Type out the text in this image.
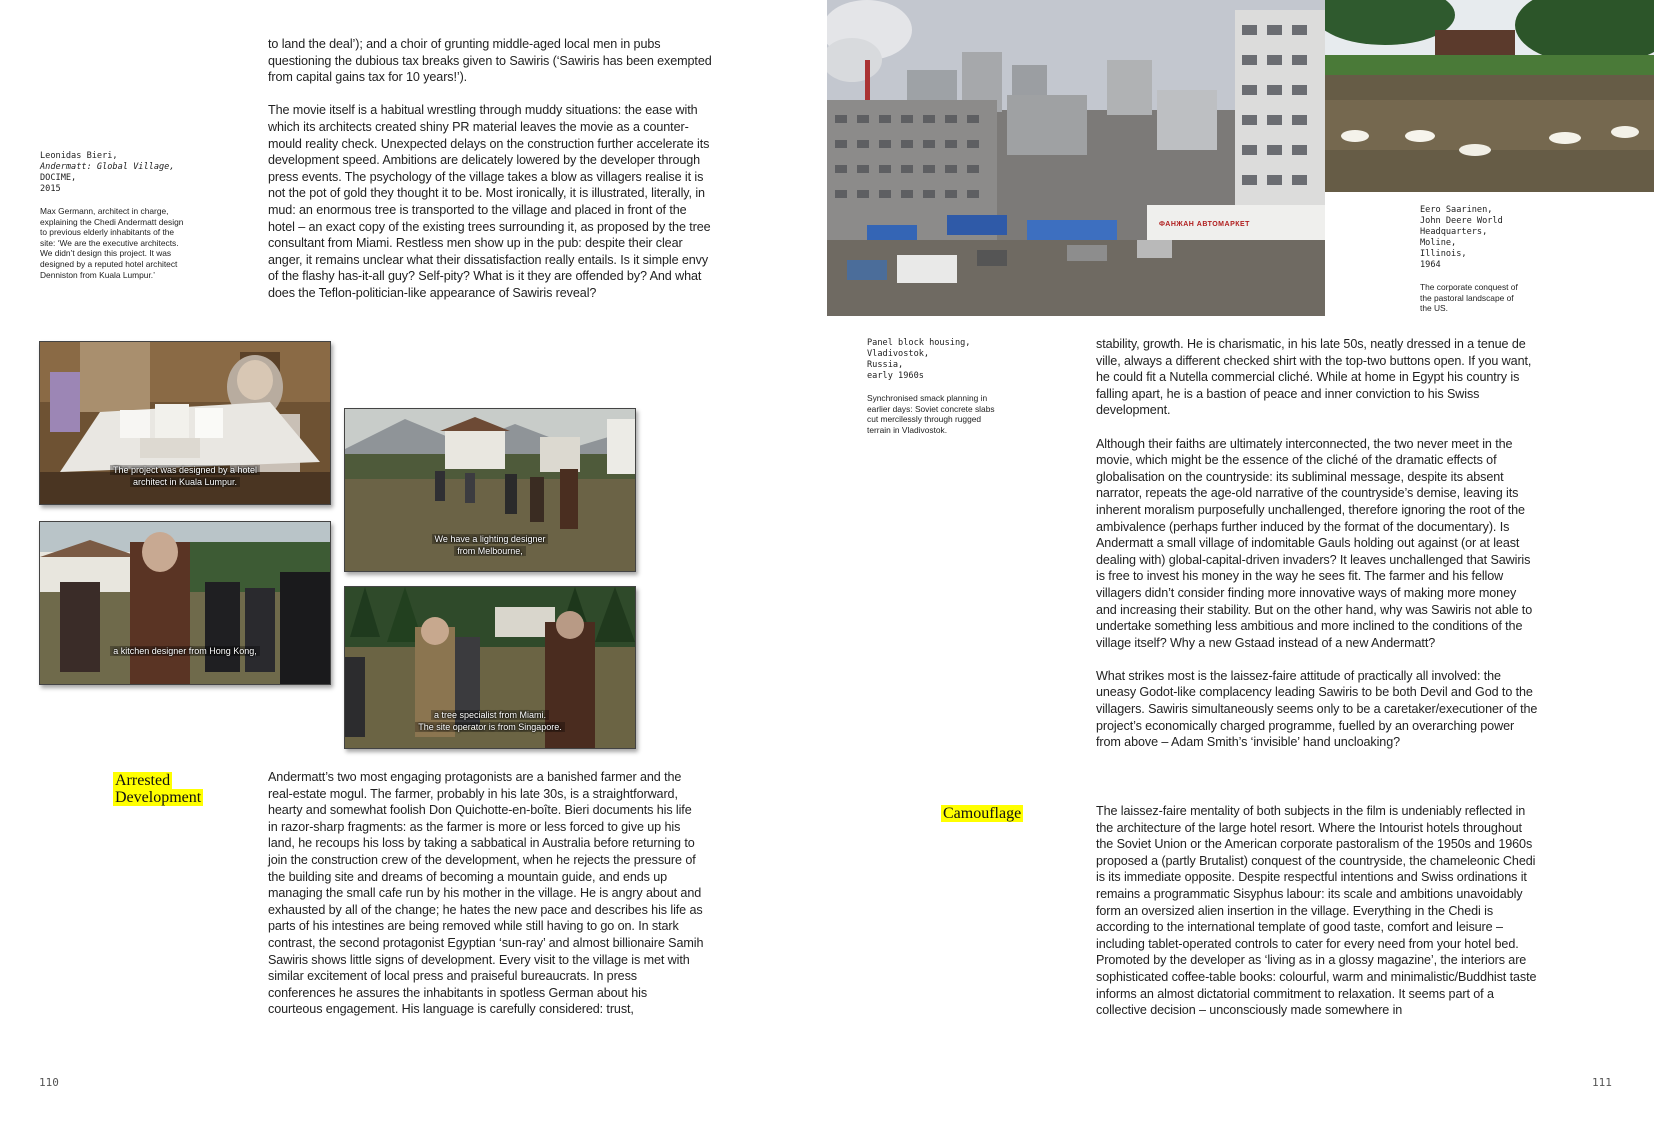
Leonidas Bieri,
Andermatt: Global Village,
DOCIME,
2015
Max Germann, architect in charge, explaining the Chedi Andermatt design to previous elderly inhabitants of the site: ‘We are the executive architects. We didn’t design this project. It was designed by a reputed hotel architect Denniston from Kuala Lumpur.’

to land the deal’); and a choir of grunting middle-aged local men in pubs questioning the dubious tax breaks given to Sawiris (‘Sawiris has been exempted from capital gains tax for 10 years!’).

The movie itself is a habitual wrestling through muddy situations: the ease with which its architects created shiny PR material leaves the movie as a counter-mould reality check. Unexpected delays on the construction further accelerate its development speed. Ambitions are delicately lowered by the developer through press events. The psychology of the village takes a blow as villagers realise it is not the pot of gold they thought it to be. Most ironically, it is illustrated, literally, in mud: an enormous tree is transported to the village and placed in front of the hotel – an exact copy of the existing trees surrounding it, as proposed by the tree consultant from Miami. Restless men show up in the pub: despite their clear anger, it remains unclear what their dissatisfaction really entails. Is it simple envy of the flashy has-it-all guy? Self-pity? What is it they are offended by? And what does the Teflon-politician-like appearance of Sawiris reveal?

The project was designed by a hotel
architect in Kuala Lumpur.
We have a lighting designer
from Melbourne,
a kitchen designer from Hong Kong,
a tree specialist from Miami.
The site operator is from Singapore.
Arrested
Development

Andermatt’s two most engaging protagonists are a banished farmer and the real-estate mogul. The farmer, probably in his late 30s, is a straightforward, hearty and somewhat foolish Don Quichotte-en-boîte. Bieri documents his life in razor-sharp fragments: as the farmer is more or less forced to give up his land, he recoups his loss by taking a sabbatical in Australia before returning to join the construction crew of the development, when he rejects the pressure of the building site and dreams of becoming a mountain guide, and ends up managing the small cafe run by his mother in the village. He is angry about and exhausted by all of the change; he hates the new pace and describes his life as parts of his intestines are being removed while still having to go on. In stark contrast, the second protagonist Egyptian ‘sun-ray’ and almost billionaire Samih Sawiris shows little signs of development. Every visit to the village is met with similar excitement of local press and praiseful bureaucrats. In press conferences he assures the inhabitants in spotless German about his courteous engagement. His language is carefully considered: trust,

110
ФАНЖАН АВТОМАРКЕТ
Panel block housing,
Vladivostok,
Russia,
early 1960s
Synchronised smack planning in earlier days: Soviet concrete slabs cut mercilessly through rugged terrain in Vladivostok.
Eero Saarinen,
John Deere World
Headquarters,
Moline,
Illinois,
1964
The corporate conquest of the pastoral landscape of the US.

stability, growth. He is charismatic, in his late 50s, neatly dressed in a tenue de ville, always a different checked shirt with the top-two buttons open. If you want, he could fit a Nutella commercial cliché. While at home in Egypt his country is falling apart, he is a bastion of peace and inner conviction to his Swiss development.

Although their faiths are ultimately interconnected, the two never meet in the movie, which might be the essence of the cliché of the dramatic effects of globalisation on the countryside: its subliminal message, despite its absent narrator, repeats the age-old narrative of the countryside’s demise, leaving its inherent moralism purposefully unchallenged, therefore ignoring the root of the ambivalence (perhaps further induced by the format of the documentary). Is Andermatt a small village of indomitable Gauls holding out against (or at least dealing with) global-capital-driven invaders? It leaves unchallenged that Sawiris is free to invest his money in the way he sees fit. The farmer and his fellow villagers didn’t consider finding more innovative ways of making more money and increasing their stability. But on the other hand, why was Sawiris not able to undertake something less ambitious and more inclined to the conditions of the village itself? Why a new Gstaad instead of a new Andermatt?

What strikes most is the laissez-faire attitude of practically all involved: the uneasy Godot-like complacency leading Sawiris to be both Devil and God to the villagers. Sawiris simultaneously seems only to be a caretaker/executioner of the project’s economically charged programme, fuelled by an overarching power from above – Adam Smith’s ‘invisible’ hand uncloaking?

Camouflage	The laissez-faire mentality of both subjects in the film is undeniably reflected in the architecture of the large hotel resort. Where the Intourist hotels throughout the Soviet Union or the American corporate pastoralism of the 1950s and 1960s proposed a (partly Brutalist) conquest of the countryside, the chameleonic Chedi is its immediate opposite. Despite respectful intentions and Swiss ordinations it remains a programmatic Sisyphus labour: its scale and ambitions unavoidably form an oversized alien insertion in the village. Everything in the Chedi is according to the international template of good taste, comfort and leisure – including tablet-operated controls to cater for every need from your hotel bed. Promoted by the developer as ‘living as in a glossy magazine’, the interiors are sophisticated coffee-table books: colourful, warm and minimalistic/Buddhist taste informs an almost dictatorial commitment to relaxation. It seems part of a collective decision – unconsciously made somewhere in

111
